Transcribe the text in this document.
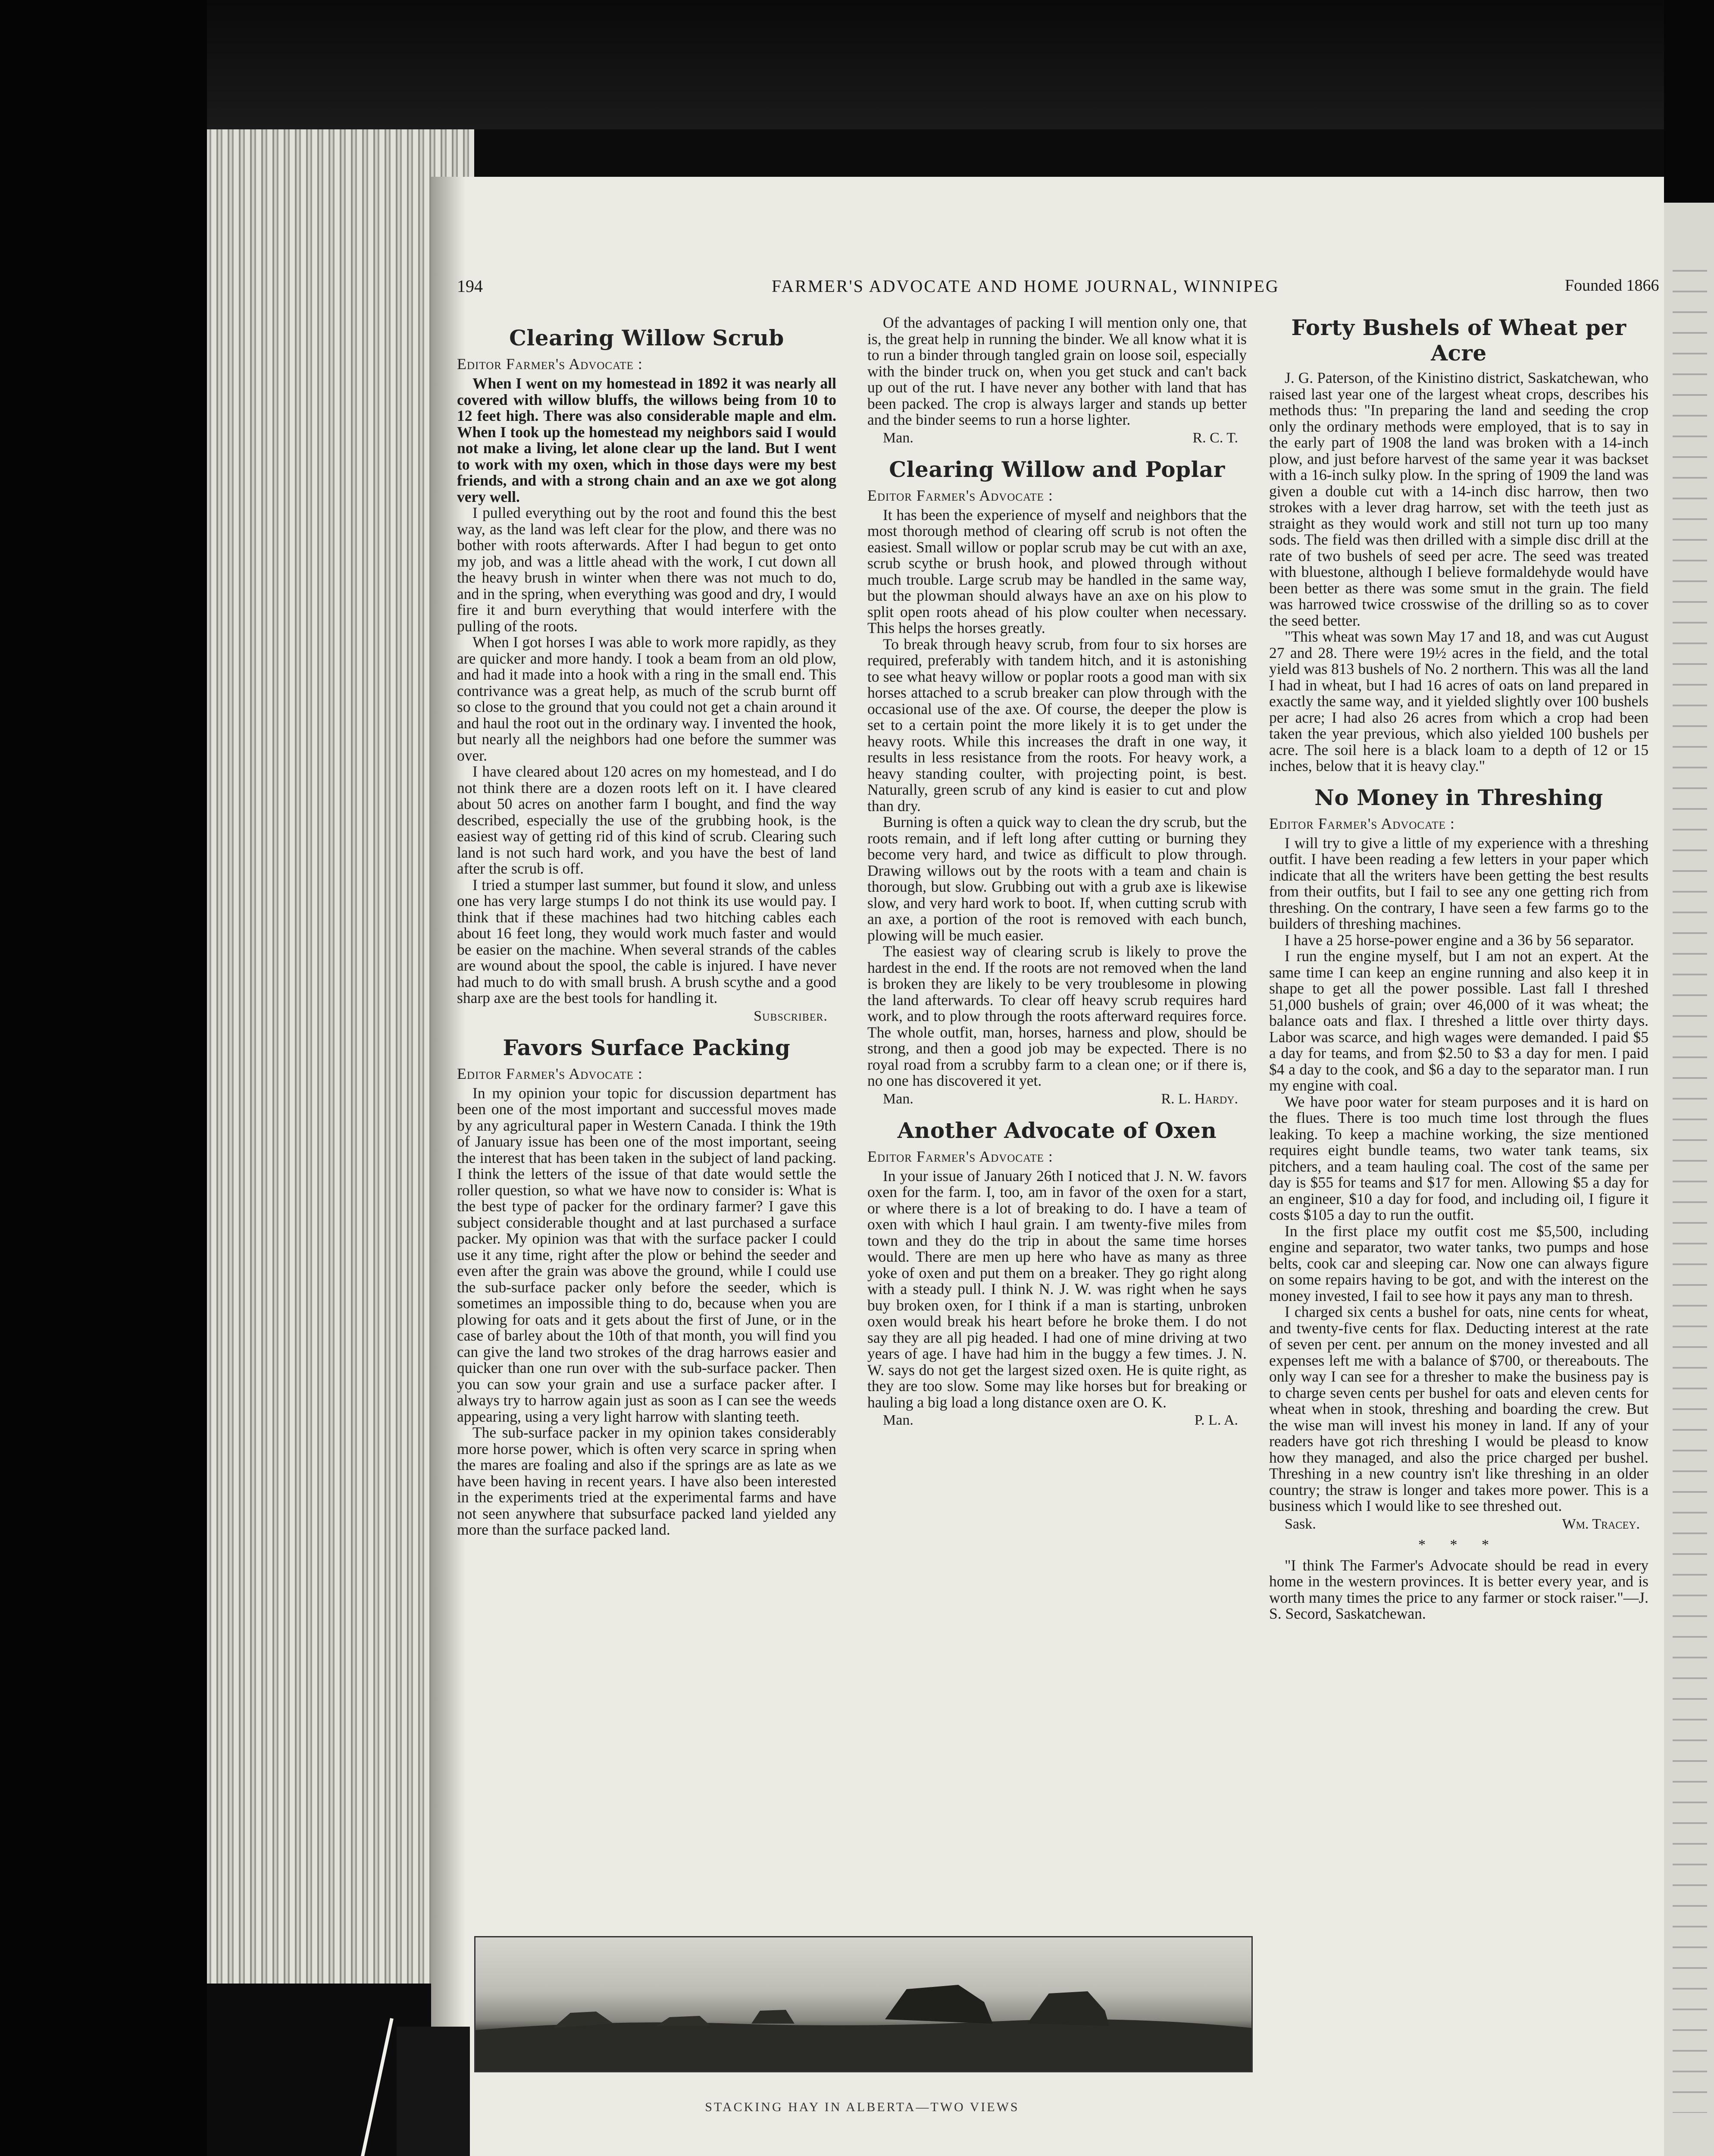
194	FARMER'S ADVOCATE AND HOME JOURNAL, WINNIPEG	Founded 1866
Clearing Willow Scrub
Editor Farmer's Advocate :

When I went on my homestead in 1892 it was nearly all covered with willow bluffs, the willows being from 10 to 12 feet high. There was also considerable maple and elm. When I took up the homestead my neighbors said I would not make a living, let alone clear up the land. But I went to work with my oxen, which in those days were my best friends, and with a strong chain and an axe we got along very well.

I pulled everything out by the root and found this the best way, as the land was left clear for the plow, and there was no bother with roots afterwards. After I had begun to get onto my job, and was a little ahead with the work, I cut down all the heavy brush in winter when there was not much to do, and in the spring, when everything was good and dry, I would fire it and burn everything that would interfere with the pulling of the roots.

When I got horses I was able to work more rapidly, as they are quicker and more handy. I took a beam from an old plow, and had it made into a hook with a ring in the small end. This contrivance was a great help, as much of the scrub burnt off so close to the ground that you could not get a chain around it and haul the root out in the ordinary way. I invented the hook, but nearly all the neighbors had one before the summer was over.

I have cleared about 120 acres on my homestead, and I do not think there are a dozen roots left on it. I have cleared about 50 acres on another farm I bought, and find the way described, especially the use of the grubbing hook, is the easiest way of getting rid of this kind of scrub. Clearing such land is not such hard work, and you have the best of land after the scrub is off.

I tried a stumper last summer, but found it slow, and unless one has very large stumps I do not think its use would pay. I think that if these machines had two hitching cables each about 16 feet long, they would work much faster and would be easier on the machine. When several strands of the cables are wound about the spool, the cable is injured. I have never had much to do with small brush. A brush scythe and a good sharp axe are the best tools for handling it.

Subscriber.
Favors Surface Packing
Editor Farmer's Advocate :

In my opinion your topic for discussion department has been one of the most important and successful moves made by any agricultural paper in Western Canada. I think the 19th of January issue has been one of the most important, seeing the interest that has been taken in the subject of land packing. I think the letters of the issue of that date would settle the roller question, so what we have now to consider is: What is the best type of packer for the ordinary farmer? I gave this subject considerable thought and at last purchased a surface packer. My opinion was that with the surface packer I could use it any time, right after the plow or behind the seeder and even after the grain was above the ground, while I could use the sub-surface packer only before the seeder, which is sometimes an impossible thing to do, because when you are plowing for oats and it gets about the first of June, or in the case of barley about the 10th of that month, you will find you can give the land two strokes of the drag harrows easier and quicker than one run over with the sub-surface packer. Then you can sow your grain and use a surface packer after. I always try to harrow again just as soon as I can see the weeds appearing, using a very light harrow with slanting teeth.

The sub-surface packer in my opinion takes considerably more horse power, which is often very scarce in spring when the mares are foaling and also if the springs are as late as we have been having in recent years. I have also been interested in the experiments tried at the experimental farms and have not seen anywhere that subsurface packed land yielded any more than the surface packed land.

Of the advantages of packing I will mention only one, that is, the great help in running the binder. We all know what it is to run a binder through tangled grain on loose soil, especially with the binder truck on, when you get stuck and can't back up out of the rut. I have never any bother with land that has been packed. The crop is always larger and stands up better and the binder seems to run a horse lighter.

Man.	R. C. T.
Clearing Willow and Poplar
Editor Farmer's Advocate :

It has been the experience of myself and neighbors that the most thorough method of clearing off scrub is not often the easiest. Small willow or poplar scrub may be cut with an axe, scrub scythe or brush hook, and plowed through without much trouble. Large scrub may be handled in the same way, but the plowman should always have an axe on his plow to split open roots ahead of his plow coulter when necessary. This helps the horses greatly.

To break through heavy scrub, from four to six horses are required, preferably with tandem hitch, and it is astonishing to see what heavy willow or poplar roots a good man with six horses attached to a scrub breaker can plow through with the occasional use of the axe. Of course, the deeper the plow is set to a certain point the more likely it is to get under the heavy roots. While this increases the draft in one way, it results in less resistance from the roots. For heavy work, a heavy standing coulter, with projecting point, is best. Naturally, green scrub of any kind is easier to cut and plow than dry.

Burning is often a quick way to clean the dry scrub, but the roots remain, and if left long after cutting or burning they become very hard, and twice as difficult to plow through. Drawing willows out by the roots with a team and chain is thorough, but slow. Grubbing out with a grub axe is likewise slow, and very hard work to boot. If, when cutting scrub with an axe, a portion of the root is removed with each bunch, plowing will be much easier.

The easiest way of clearing scrub is likely to prove the hardest in the end. If the roots are not removed when the land is broken they are likely to be very troublesome in plowing the land afterwards. To clear off heavy scrub requires hard work, and to plow through the roots afterward requires force. The whole outfit, man, horses, harness and plow, should be strong, and then a good job may be expected. There is no royal road from a scrubby farm to a clean one; or if there is, no one has discovered it yet.

Man.	R. L. Hardy.
Another Advocate of Oxen
Editor Farmer's Advocate :

In your issue of January 26th I noticed that J. N. W. favors oxen for the farm. I, too, am in favor of the oxen for a start, or where there is a lot of breaking to do. I have a team of oxen with which I haul grain. I am twenty-five miles from town and they do the trip in about the same time horses would. There are men up here who have as many as three yoke of oxen and put them on a breaker. They go right along with a steady pull. I think N. J. W. was right when he says buy broken oxen, for I think if a man is starting, unbroken oxen would break his heart before he broke them. I do not say they are all pig headed. I had one of mine driving at two years of age. I have had him in the buggy a few times. J. N. W. says do not get the largest sized oxen. He is quite right, as they are too slow. Some may like horses but for breaking or hauling a big load a long distance oxen are O. K.

Man.	P. L. A.
Forty Bushels of Wheat per Acre

J. G. Paterson, of the Kinistino district, Saskatchewan, who raised last year one of the largest wheat crops, describes his methods thus: "In preparing the land and seeding the crop only the ordinary methods were employed, that is to say in the early part of 1908 the land was broken with a 14-inch plow, and just before harvest of the same year it was backset with a 16-inch sulky plow. In the spring of 1909 the land was given a double cut with a 14-inch disc harrow, then two strokes with a lever drag harrow, set with the teeth just as straight as they would work and still not turn up too many sods. The field was then drilled with a simple disc drill at the rate of two bushels of seed per acre. The seed was treated with bluestone, although I believe formaldehyde would have been better as there was some smut in the grain. The field was harrowed twice crosswise of the drilling so as to cover the seed better.

"This wheat was sown May 17 and 18, and was cut August 27 and 28. There were 19½ acres in the field, and the total yield was 813 bushels of No. 2 northern. This was all the land I had in wheat, but I had 16 acres of oats on land prepared in exactly the same way, and it yielded slightly over 100 bushels per acre; I had also 26 acres from which a crop had been taken the year previous, which also yielded 100 bushels per acre. The soil here is a black loam to a depth of 12 or 15 inches, below that it is heavy clay."

No Money in Threshing
Editor Farmer's Advocate :

I will try to give a little of my experience with a threshing outfit. I have been reading a few letters in your paper which indicate that all the writers have been getting the best results from their outfits, but I fail to see any one getting rich from threshing. On the contrary, I have seen a few farms go to the builders of threshing machines.

I have a 25 horse-power engine and a 36 by 56 separator.

I run the engine myself, but I am not an expert. At the same time I can keep an engine running and also keep it in shape to get all the power possible. Last fall I threshed 51,000 bushels of grain; over 46,000 of it was wheat; the balance oats and flax. I threshed a little over thirty days. Labor was scarce, and high wages were demanded. I paid $5 a day for teams, and from $2.50 to $3 a day for men. I paid $4 a day to the cook, and $6 a day to the separator man. I run my engine with coal.

We have poor water for steam purposes and it is hard on the flues. There is too much time lost through the flues leaking. To keep a machine working, the size mentioned requires eight bundle teams, two water tank teams, six pitchers, and a team hauling coal. The cost of the same per day is $55 for teams and $17 for men. Allowing $5 a day for an engineer, $10 a day for food, and including oil, I figure it costs $105 a day to run the outfit.

In the first place my outfit cost me $5,500, including engine and separator, two water tanks, two pumps and hose belts, cook car and sleeping car. Now one can always figure on some repairs having to be got, and with the interest on the money invested, I fail to see how it pays any man to thresh.

I charged six cents a bushel for oats, nine cents for wheat, and twenty-five cents for flax. Deducting interest at the rate of seven per cent. per annum on the money invested and all expenses left me with a balance of $700, or thereabouts. The only way I can see for a thresher to make the business pay is to charge seven cents per bushel for oats and eleven cents for wheat when in stook, threshing and boarding the crew. But the wise man will invest his money in land. If any of your readers have got rich threshing I would be pleasd to know how they managed, and also the price charged per bushel. Threshing in a new country isn't like threshing in an older country; the straw is longer and takes more power. This is a business which I would like to see threshed out.

Sask.	Wm. Tracey.
* * *

"I think The Farmer's Advocate should be read in every home in the western provinces. It is better every year, and is worth many times the price to any farmer or stock raiser."—J. S. Secord, Saskatchewan.

STACKING HAY IN ALBERTA—TWO VIEWS
